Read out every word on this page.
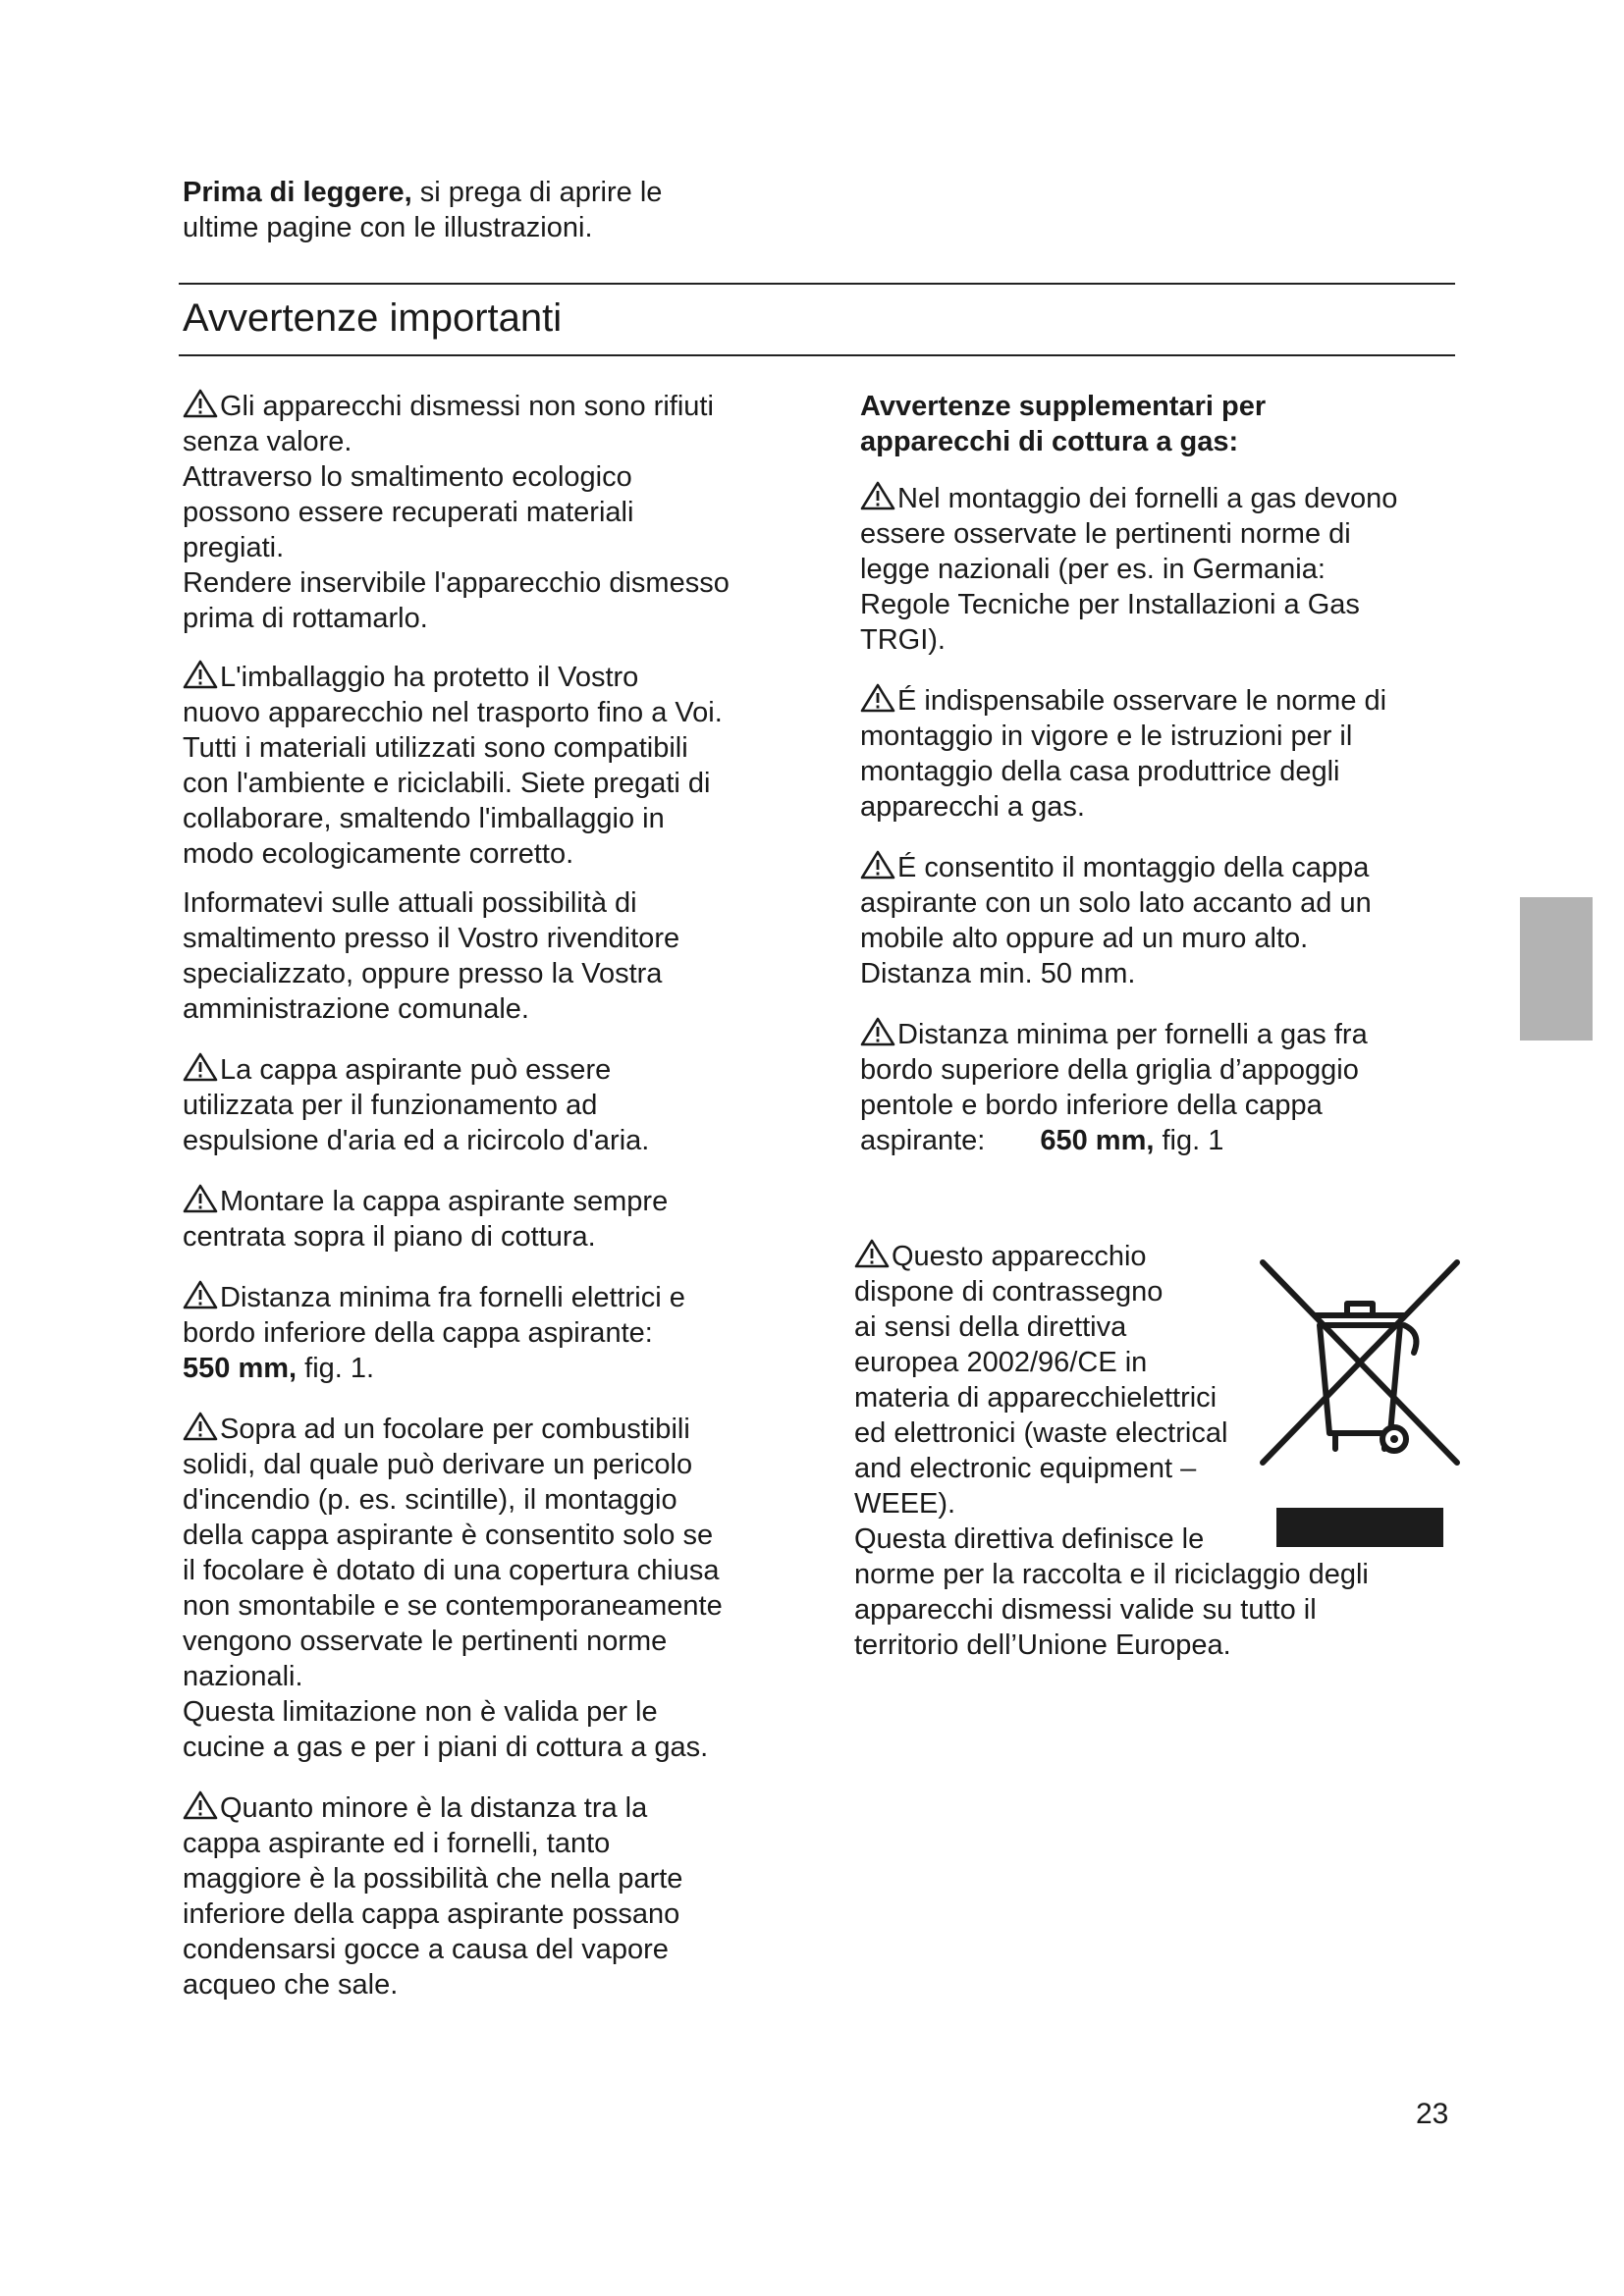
Prima di leggere, si prega di aprire le
ultime pagine con le illustrazioni.
Avvertenze importanti

Gli apparecchi dismessi non sono rifiuti

senza valore.

Attraverso lo smaltimento ecologico

possono essere recuperati materiali

pregiati.

Rendere inservibile l'apparecchio dismesso

prima di rottamarlo.

L'imballaggio ha protetto il Vostro

nuovo apparecchio nel trasporto fino a Voi.

Tutti i materiali utilizzati sono compatibili

con l'ambiente e riciclabili. Siete pregati di

collaborare, smaltendo l'imballaggio in

modo ecologicamente corretto.

Informatevi sulle attuali possibilità di

smaltimento presso il Vostro rivenditore

specializzato, oppure presso la Vostra

amministrazione comunale.

La cappa aspirante può essere

utilizzata per il funzionamento ad

espulsione d'aria ed a ricircolo d'aria.

Montare la cappa aspirante sempre

centrata sopra il piano di cottura.

Distanza minima fra fornelli elettrici e

bordo inferiore della cappa aspirante:

550 mm, fig. 1.

Sopra ad un focolare per combustibili

solidi, dal quale può derivare un pericolo

d'incendio (p. es. scintille), il montaggio

della cappa aspirante è consentito solo se

il focolare è dotato di una copertura chiusa

non smontabile e se contemporaneamente

vengono osservate le pertinenti norme

nazionali.

Questa limitazione non è valida per le

cucine a gas e per i piani di cottura a gas.

Quanto minore è la distanza tra la

cappa aspirante ed i fornelli, tanto

maggiore è la possibilità che nella parte

inferiore della cappa aspirante possano

condensarsi gocce a causa del vapore

acqueo che sale.

Avvertenze supplementari per

apparecchi di cottura a gas:

Nel montaggio dei fornelli a gas devono

essere osservate le pertinenti norme di

legge nazionali (per es. in Germania:

Regole Tecniche per Installazioni a Gas

TRGI).

É indispensabile osservare le norme di

montaggio in vigore e le istruzioni per il

montaggio della casa produttrice degli

apparecchi a gas.

É consentito il montaggio della cappa

aspirante con un solo lato accanto ad un

mobile alto oppure ad un muro alto.

Distanza min. 50 mm.

Distanza minima per fornelli a gas fra

bordo superiore della griglia d’appoggio

pentole e bordo inferiore della cappa

aspirante: 650 mm, fig. 1

Questo apparecchio

dispone di contrassegno

ai sensi della direttiva

europea 2002/96/CE in

materia di apparecchielettrici

ed elettronici (waste electrical

and electronic equipment –

WEEE).

Questa direttiva definisce le

norme per la raccolta e il riciclaggio degli

apparecchi dismessi valide su tutto il

territorio dell’Unione Europea.

23
